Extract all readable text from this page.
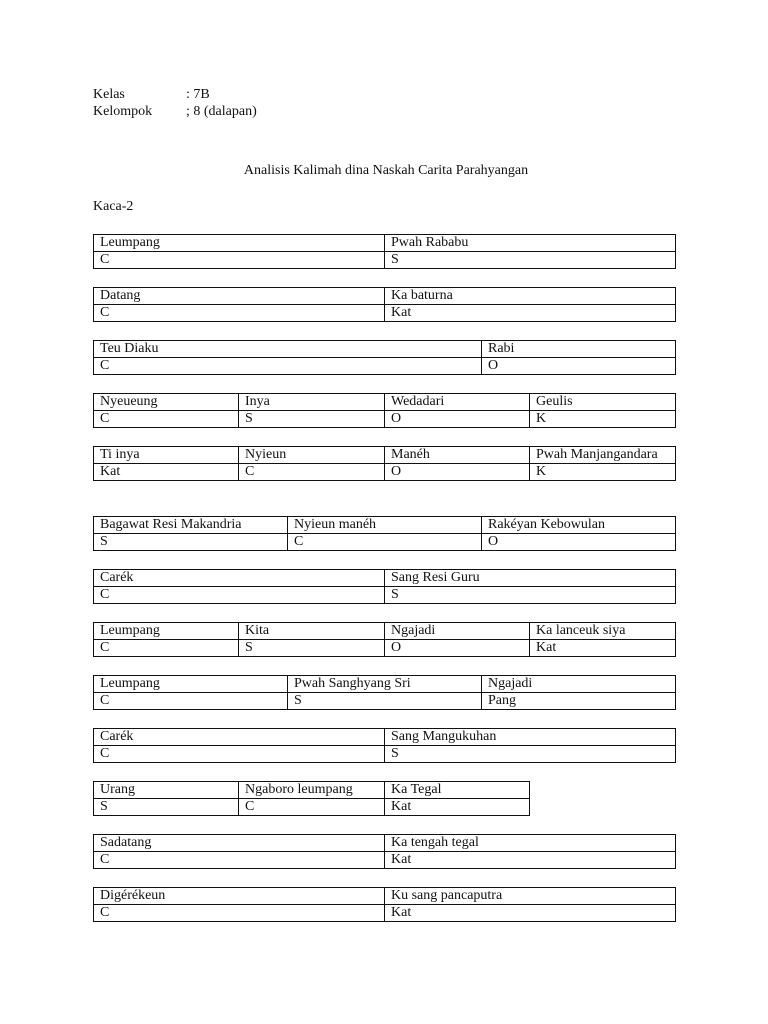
Kelas	: 7B
Kelompok	; 8 (dalapan)
Analisis Kalimah dina Naskah Carita Parahyangan
Kaca-2
Leumpang	Pwah Rababu
C	S
Datang	Ka baturna
C	Kat
Teu Diaku	Rabi
C	O
Nyeueung	Inya	Wedadari	Geulis
C	S	O	K
Ti inya	Nyieun	Manéh	Pwah Manjangandara
Kat	C	O	K
Bagawat Resi Makandria	Nyieun manéh	Rakéyan Kebowulan
S	C	O
Carék	Sang Resi Guru
C	S
Leumpang	Kita	Ngajadi	Ka lanceuk siya
C	S	O	Kat
Leumpang	Pwah Sanghyang Sri	Ngajadi
C	S	Pang
Carék	Sang Mangukuhan
C	S
Urang	Ngaboro leumpang	Ka Tegal
S	C	Kat
Sadatang	Ka tengah tegal
C	Kat
Digérékeun	Ku sang pancaputra
C	Kat
